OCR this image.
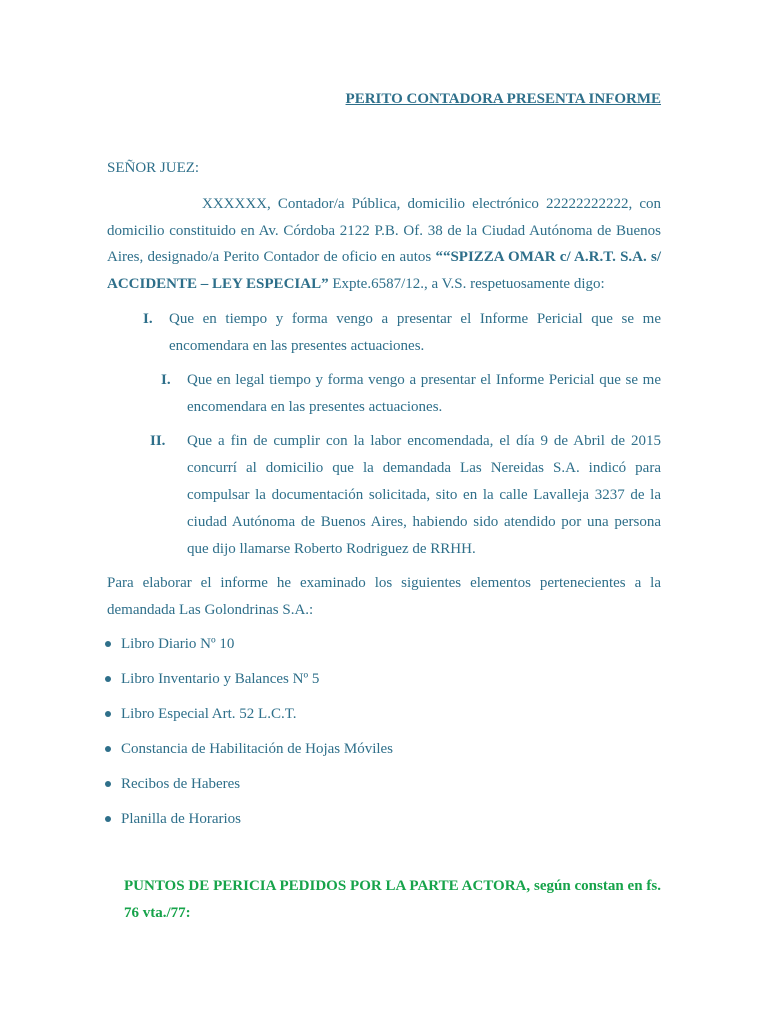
PERITO CONTADORA PRESENTA INFORME
SEÑOR JUEZ:
XXXXXX, Contador/a Pública, domicilio electrónico 22222222222, con domicilio constituido en Av. Córdoba 2122 P.B. Of. 38 de la Ciudad Autónoma de Buenos Aires, designado/a Perito Contador de oficio en autos ““SPIZZA OMAR c/ A.R.T. S.A. s/ ACCIDENTE – LEY ESPECIAL” Expte.6587/12., a V.S. respetuosamente digo:
I. Que en tiempo y forma vengo a presentar el Informe Pericial que se me encomendara en las presentes actuaciones.
I. Que en legal tiempo y forma vengo a presentar el Informe Pericial que se me encomendara en las presentes actuaciones.
II. Que a fin de cumplir con la labor encomendada, el día 9 de Abril de 2015 concurrí al domicilio que la demandada Las Nereidas S.A. indicó para compulsar la documentación solicitada, sito en la calle Lavalleja 3237 de la ciudad Autónoma de Buenos Aires, habiendo sido atendido por una persona que dijo llamarse Roberto Rodriguez de RRHH.
Para elaborar el informe he examinado los siguientes elementos pertenecientes a la demandada Las Golondrinas S.A.:
Libro Diario Nº 10
Libro Inventario y Balances Nº 5
Libro Especial Art. 52 L.C.T.
Constancia de Habilitación de Hojas Móviles
Recibos de Haberes
Planilla de Horarios
PUNTOS DE PERICIA PEDIDOS POR LA PARTE ACTORA, según constan en fs. 76 vta./77:
